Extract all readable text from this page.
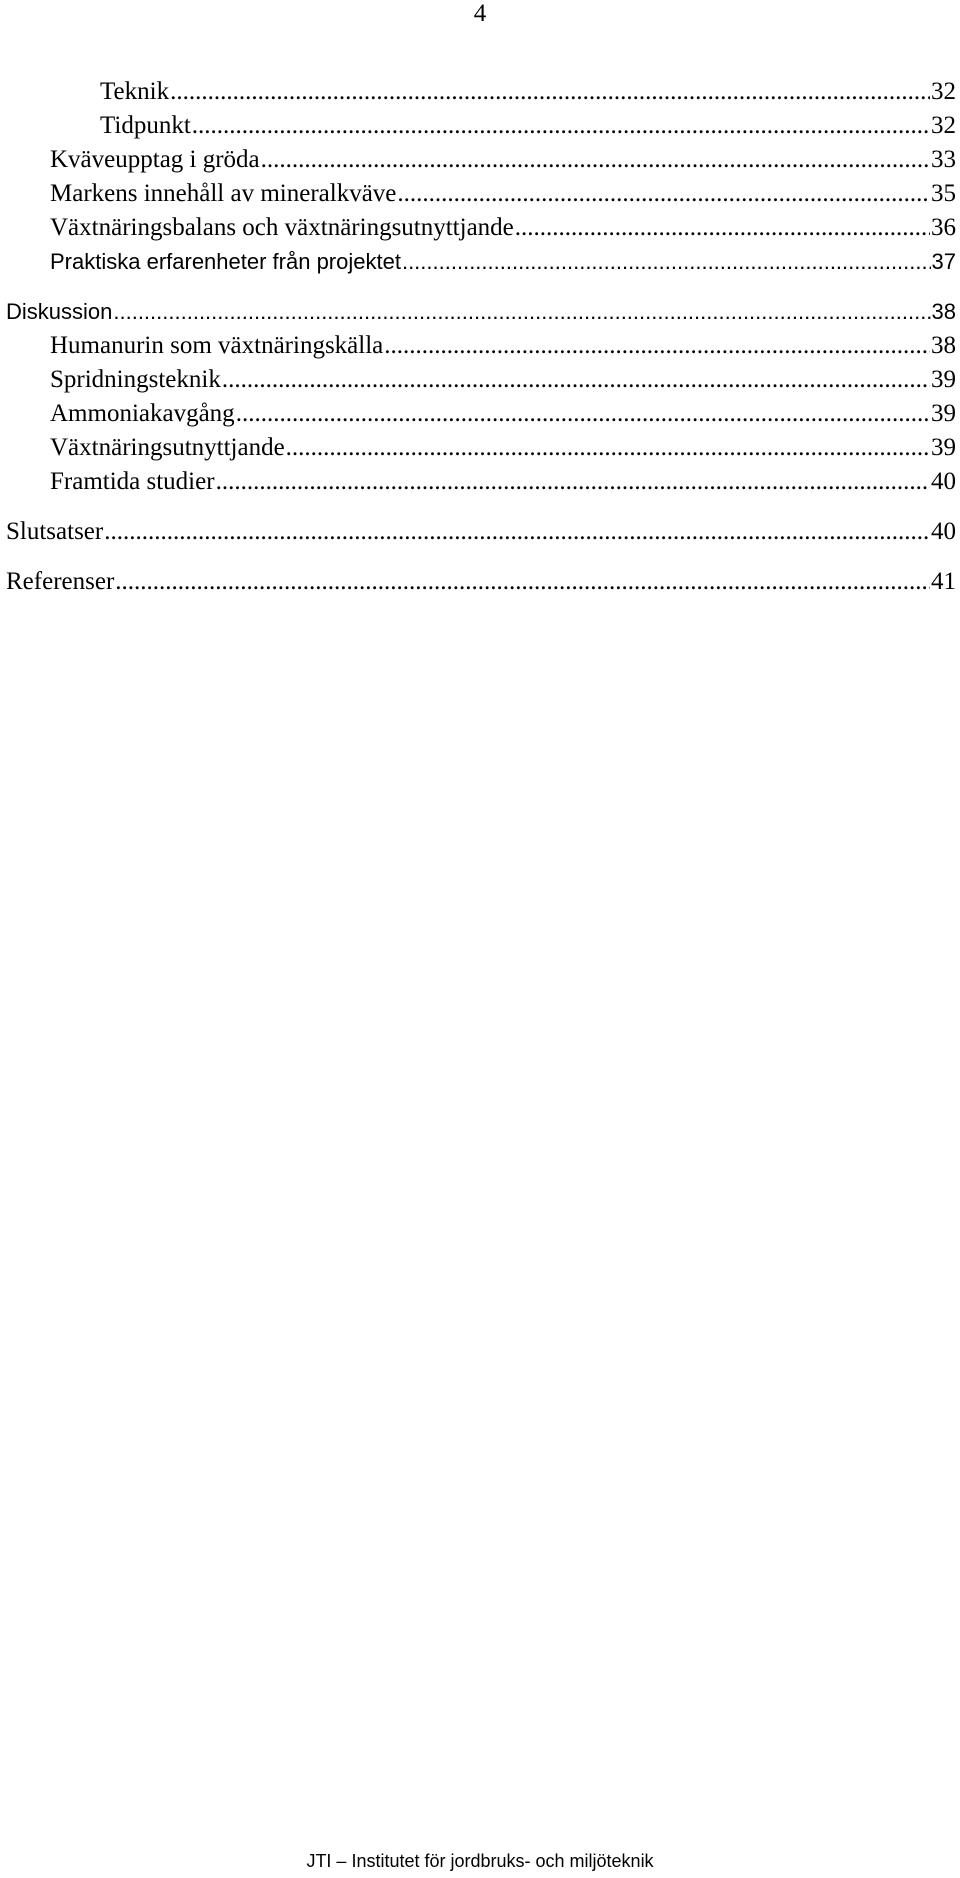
4
Teknik .....	32
Tidpunkt .....	32
Kväveupptag i gröda .....	33
Markens innehåll av mineralkväve .....	35
Växtnäringsbalans och växtnäringsutnyttjande .....	36
Praktiska erfarenheter från projektet .....	37
Diskussion .....	38
Humanurin som växtnäringskälla .....	38
Spridningsteknik .....	39
Ammoniakavgång .....	39
Växtnäringsutnyttjande .....	39
Framtida studier .....	40
Slutsatser .....	40
Referenser .....	41
JTI – Institutet för jordbruks- och miljöteknik
